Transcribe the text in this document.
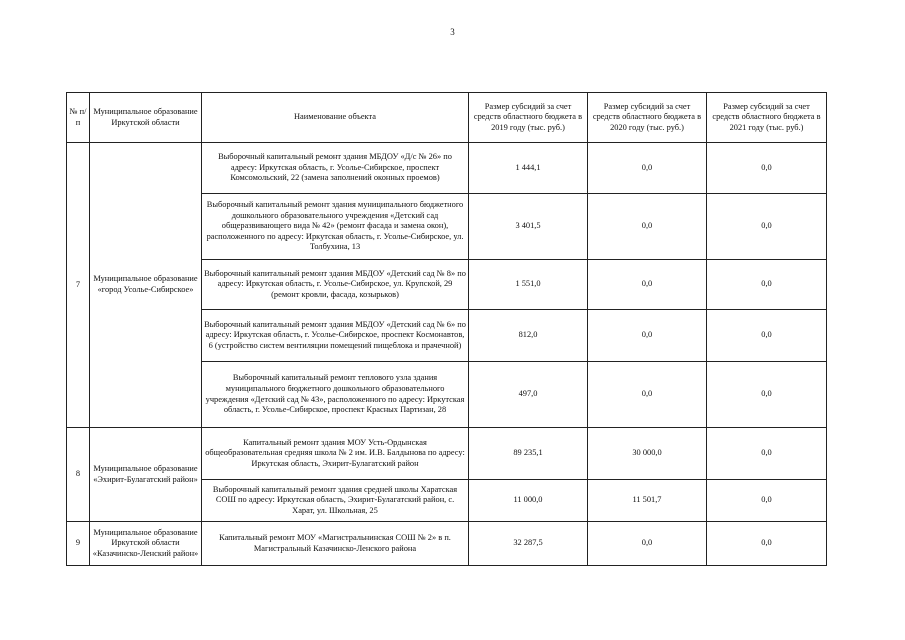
3
№ п/п	Муниципальное образование Иркутской области	Наименование объекта	Размер субсидий за счет средств областного бюджета в 2019 году (тыс. руб.)	Размер субсидий за счет средств областного бюджета в 2020 году (тыс. руб.)	Размер субсидий за счет средств областного бюджета в 2021 году (тыс. руб.)
7	Муниципальное образование «город Усолье-Сибирское»	Выборочный капитальный ремонт здания МБДОУ «Д/с № 26» по адресу: Иркутская область, г. Усолье-Сибирское, проспект Комсомольский, 22 (замена заполнений оконных проемов)	1 444,1	0,0	0,0
		Выборочный капитальный ремонт здания муниципального бюджетного дошкольного образовательного учреждения «Детский сад общеразвивающего вида № 42» (ремонт фасада и замена окон), расположенного по адресу: Иркутская область, г. Усолье-Сибирское, ул. Толбухина, 13	3 401,5	0,0	0,0
		Выборочный капитальный ремонт здания МБДОУ «Детский сад № 8» по адресу: Иркутская область, г. Усолье-Сибирское, ул. Крупской, 29 (ремонт кровли, фасада, козырьков)	1 551,0	0,0	0,0
		Выборочный капитальный ремонт здания МБДОУ «Детский сад № 6» по адресу: Иркутская область, г. Усолье-Сибирское, проспект Космонавтов, 6 (устройство систем вентиляции помещений пищеблока и прачечной)	812,0	0,0	0,0
		Выборочный капитальный ремонт теплового узла здания муниципального бюджетного дошкольного образовательного учреждения «Детский сад № 43», расположенного по адресу: Иркутская область, г. Усолье-Сибирское, проспект Красных Партизан, 28	497,0	0,0	0,0
8	Муниципальное образование «Эхирит-Булагатский район»	Капитальный ремонт здания МОУ Усть-Ордынская общеобразовательная средняя школа № 2 им. И.В. Балдынова по адресу: Иркутская область, Эхирит-Булагатский район	89 235,1	30 000,0	0,0
		Выборочный капитальный ремонт здания средней школы Харатская СОШ по адресу: Иркутская область, Эхирит-Булагатский район, с. Харат, ул. Школьная, 25	11 000,0	11 501,7	0,0
9	Муниципальное образование Иркутской области «Казачинско-Ленский район»	Капитальный ремонт МОУ «Магистральнинская СОШ № 2» в п. Магистральный Казачинско-Ленского района	32 287,5	0,0	0,0
